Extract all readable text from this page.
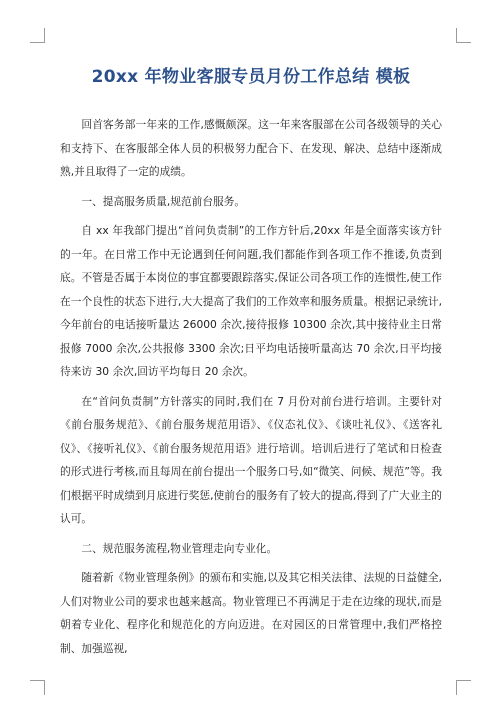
20xx 年物业客服专员月份工作总结 模板

回首客务部一年来的工作,感慨颇深。这一年来客服部在公司各级领导的关心和支持下、在客服部全体人员的积极努力配合下、在发现、解决、总结中逐渐成熟,并且取得了一定的成绩。

一、提高服务质量,规范前台服务。

自 xx 年我部门提出“首问负责制”的工作方针后,20xx 年是全面落实该方针的一年。在日常工作中无论遇到任何问题,我们都能作到各项工作不推诿,负责到底。不管是否属于本岗位的事宜都要跟踪落实,保证公司各项工作的连惯性,使工作在一个良性的状态下进行,大大提高了我们的工作效率和服务质量。根据记录统计,今年前台的电话接听量达 26000 余次,接待报修 10300 余次,其中接待业主日常报修 7000 余次,公共报修 3300 余次;日平均电话接听量高达 70 余次,日平均接待来访 30 余次,回访平均每日 20 余次。

在“首问负责制”方针落实的同时,我们在 7 月份对前台进行培训。主要针对《前台服务规范》、《前台服务规范用语》、《仪态礼仪》、《谈吐礼仪》、《送客礼仪》、《接听礼仪》、《前台服务规范用语》进行培训。培训后进行了笔试和日检查的形式进行考核,而且每周在前台提出一个服务口号,如“微笑、问候、规范”等。我们根据平时成绩到月底进行奖惩,使前台的服务有了较大的提高,得到了广大业主的认可。

二、规范服务流程,物业管理走向专业化。

随着新《物业管理条例》的颁布和实施,以及其它相关法律、法规的日益健全,人们对物业公司的要求也越来越高。物业管理已不再满足于走在边缘的现状,而是朝着专业化、程序化和规范化的方向迈进。在对园区的日常管理中,我们严格控制、加强巡视,
